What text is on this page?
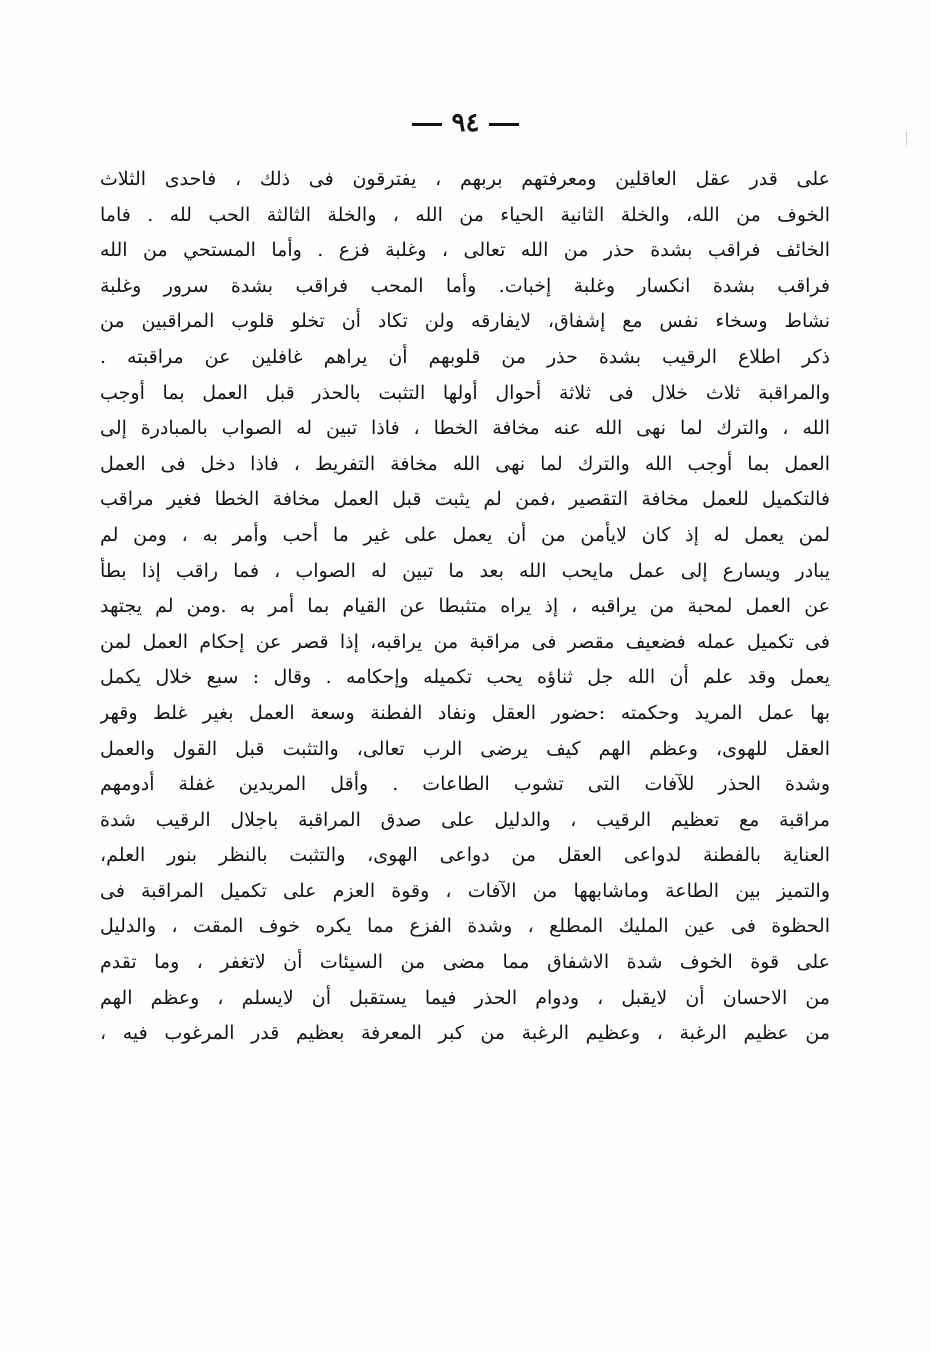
٩٤
على قدر عقل العاقلين ومعرفتهم بربهم ، يفترقون فى ذلك ، فاحدى الثلاث
الخوف من الله، والخلة الثانية الحياء من الله ، والخلة الثالثة الحب لله . فاما
الخائف فراقب بشدة حذر من الله تعالى ، وغلبة فزع . وأما المستحي من الله
فراقب بشدة انكسار وغلبة إخبات. وأما المحب فراقب بشدة سرور وغلبة
نشاط وسخاء نفس مع إشفاق، لايفارقه ولن تكاد أن تخلو قلوب المراقبين من
ذكر اطلاع الرقيب بشدة حذر من قلوبهم أن يراهم غافلين عن مراقبته .
والمراقبة ثلاث خلال فى ثلاثة أحوال أولها التثبت بالحذر قبل العمل بما أوجب
الله ، والترك لما نهى الله عنه مخافة الخطا ، فاذا تبين له الصواب بالمبادرة إلى
العمل بما أوجب الله والترك لما نهى الله مخافة التفريط ، فاذا دخل فى العمل
فالتكميل للعمل مخافة التقصير ،فمن لم يثبت قبل العمل مخافة الخطا فغير مراقب
لمن يعمل له إذ كان لايأمن من أن يعمل على غير ما أحب وأمر به ، ومن لم
يبادر ويسارع إلى عمل مايحب الله بعد ما تبين له الصواب ، فما راقب إذا بطأ
عن العمل لمحبة من يراقبه ، إذ يراه متثبطا عن القيام بما أمر به .ومن لم يجتهد
فى تكميل عمله فضعيف مقصر فى مراقبة من يراقبه، إذا قصر عن إحكام العمل لمن
يعمل وقد علم أن الله جل ثناؤه يحب تكميله وإحكامه . وقال : سبع خلال يكمل
بها عمل المريد وحكمته :حضور العقل ونفاد الفطنة وسعة العمل بغير غلط وقهر
العقل للهوى، وعظم الهم كيف يرضى الرب تعالى، والتثبت قبل القول والعمل
وشدة الحذر للآفات التى تشوب الطاعات . وأقل المريدين غفلة أدومهم
مراقبة مع تعظيم الرقيب ، والدليل على صدق المراقبة باجلال الرقيب شدة
العناية بالفطنة لدواعى العقل من دواعى الهوى، والتثبت بالنظر بنور العلم،
والتميز بين الطاعة وماشابهها من الآفات ، وقوة العزم على تكميل المراقبة فى
الحظوة فى عين المليك المطلع ، وشدة الفزع مما يكره خوف المقت ، والدليل
على قوة الخوف شدة الاشفاق مما مضى من السيئات أن لاتغفر ، وما تقدم
من الاحسان أن لايقبل ، ودوام الحذر فيما يستقبل أن لايسلم ، وعظم الهم
من عظيم الرغبة ، وعظيم الرغبة من كبر المعرفة بعظيم قدر المرغوب فيه ،
